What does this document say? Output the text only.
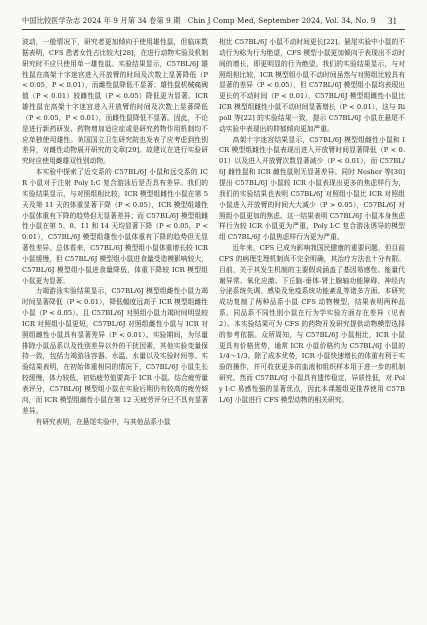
中国比较医学杂志 2024 年 9 月第 34 卷第 9 期　Chin J Comp Med, September 2024, Vol. 34, No. 9 31

波动，一般情况下，研究者更加倾向于使用雄性鼠，但临床数据表明，CFS 患者女性占比较大[28]，在进行动物实验及机制研究时不应只使用单一雄性鼠。实验结果显示，C57BL/6J 雄性鼠在高架十字迷宫进入开放臂的时间及次数上显著降低（P < 0.05，P < 0.01），而雌性鼠降低不显著；雄性鼠机械痛阈值（P < 0.01）较雌性鼠（P < 0.05）降低更为显著。ICR 雄性鼠在高架十字迷宫进入开放臂的时间及次数上显著降低（P < 0.05，P < 0.01），而雌性鼠降低不显著。因此，不论是进行新药研发、药物增加适应症或是研究药物作用机制均不应单独使用雄性。美国国立卫生研究院也发表了应考虑到性别差异，对雌性动物展开研究的文章[29]。故建议在进行实验研究时应使用雌雄双性别动物。

本实验中探索了近交系的 C57BL/6J 小鼠和远交系的 ICR 小鼠对于注射 Poly I:C 复合游泳后是否具有差异。我们的实验结果显示，与对照组相比较，ICR 模型组雌性小鼠在第 5 天及第 11 天的体重显著下降（P < 0.05），ICR 模型组雄性小鼠体重有下降的趋势但无显著差异；而 C57BL/6J 模型组雌性小鼠在第 5、8、11 和 14 天均显著下降（P < 0.05，P < 0.01），C57BL/6J 模型组雄性小鼠体重有下降的趋势但无显著性差异。总体看来，C57BL/6J 模型组小鼠体重增长较 ICR 小鼠缓慢，但 C57BL/6J 模型组小鼠进食量受造模影响较大，C57BL/6J 模型组小鼠进食量降低，体重下降较 ICR 模型组小鼠更为显著。

力竭游泳实验结果显示，C57BL/6J 模型组雌性小鼠力竭时间显著降低（P < 0.01），降低幅度远高于 ICR 模型组雌性小鼠（P < 0.05）。且 C57BL/6J 对照组小鼠力竭时间明显较 ICR 对照组小鼠更短，C57BL/6J 对照组雌性小鼠与 ICR 对照组雌性小鼠具有显著差异（P < 0.01）。实验期间，为尽量排除小鼠品系以及性别差异以外的干扰因素，其他实验变量保持一致，包括力竭游泳容器、水温、水量以及实验时间等。实验结果表明，在初始体重相同的情况下，C57BL/6J 小鼠生长较缓慢，体力较低，初始疲劳值要高于 ICR 小鼠。结合疲劳量表评分，C57BL/6J 模型组小鼠在实验后期仍有较高的疲劳倾向，而 ICR 模型组雌性小鼠在第 12 天疲劳评分已不具有显著差异。

有研究表明，在悬尾实验中，与其他品系小鼠

相比 C57BL/6J 小鼠不动时间更长[22]。悬尾实验中小鼠的不动行为称为行为绝望，CFS 模型小鼠更加倾向于表现出不动时间的增长，即更明显的行为绝望。我们的实验结果显示，与对照组相比较，ICR 模型组小鼠不动时间虽然与对照组比较具有显著的差异（P < 0.05），但 C57BL/6J 模型组小鼠均表现出更长的不动时间（P < 0.01），C57BL/6J 模型组雌性小鼠比 ICR 模型组雌性小鼠不动时间显著增长（P < 0.01），这与 Ripoll 等[22] 的实验结果一致，提示 C57BL/6J 小鼠在悬尾不动实验中表现出的抑郁倾向更加严重。

高架十字迷宫结果显示，C57BL/6J 模型组雌性小鼠和 ICR 模型组雌性小鼠表现出进入开放臂时间显著降低（P < 0.01）以及进入开放臂次数显著减少（P < 0.01），而 C57BL/6J 雌性鼠和 ICR 雌性鼠则无显著差异。同时 Nesher 等[30] 提出 C57BL/6J 小鼠较 ICR 小鼠表现出更多的焦虑样行为，我们的实验结果也表明 C57BL/6J 对照组小鼠比 ICR 对照组小鼠进入开放臂的时间大大减少（P > 0.05），C57BL/6J 对照组小鼠更加的焦虑。这一结果表明 C57BL/6J 小鼠本身焦虑样行为较 ICR 小鼠更为严重，Poly I:C 复合游泳诱导的模型组 C57BL/6J 小鼠焦虑样行为更为严重。

近年来，CFS 已成为影响我国民健康的重要问题，但目前 CFS 的病理生理机制尚不完全明确，其治疗方法也十分有限。目前，关于其发生机制的主要假说涵盖了基因易感性、能量代谢异常、氧化应激、下丘脑-垂体-肾上腺轴功能障碍、神经内分泌系统失调、感染及免疫系统功能紊乱等诸多方面。本研究成功复制了两种品系小鼠 CFS 动物模型，结果表明两种品系、同品系不同性别小鼠在行为学实验方面存在差异（见表 2）。本实验结果可为 CFS 的药物开发研究提供动物模型选择的参考依据。众所周知，与 C57BL/6J 小鼠相比，ICR 小鼠更具有价格优势，通常 ICR 小鼠价格约为 C57BL/6J 小鼠的 1/4～1/3。除了成本优势，ICR 小鼠快速增长的体重有利于实验的操作，并可收获更多的血液和组织样本用于进一步的机制研究。然而 C57BL/6J 小鼠具有遗传稳定，异质性低，对 Poly I:C 易感性强的显著优点，因此本课题组更推荐使用 C57BL/6J 小鼠进行 CFS 模型动物的相关研究。
